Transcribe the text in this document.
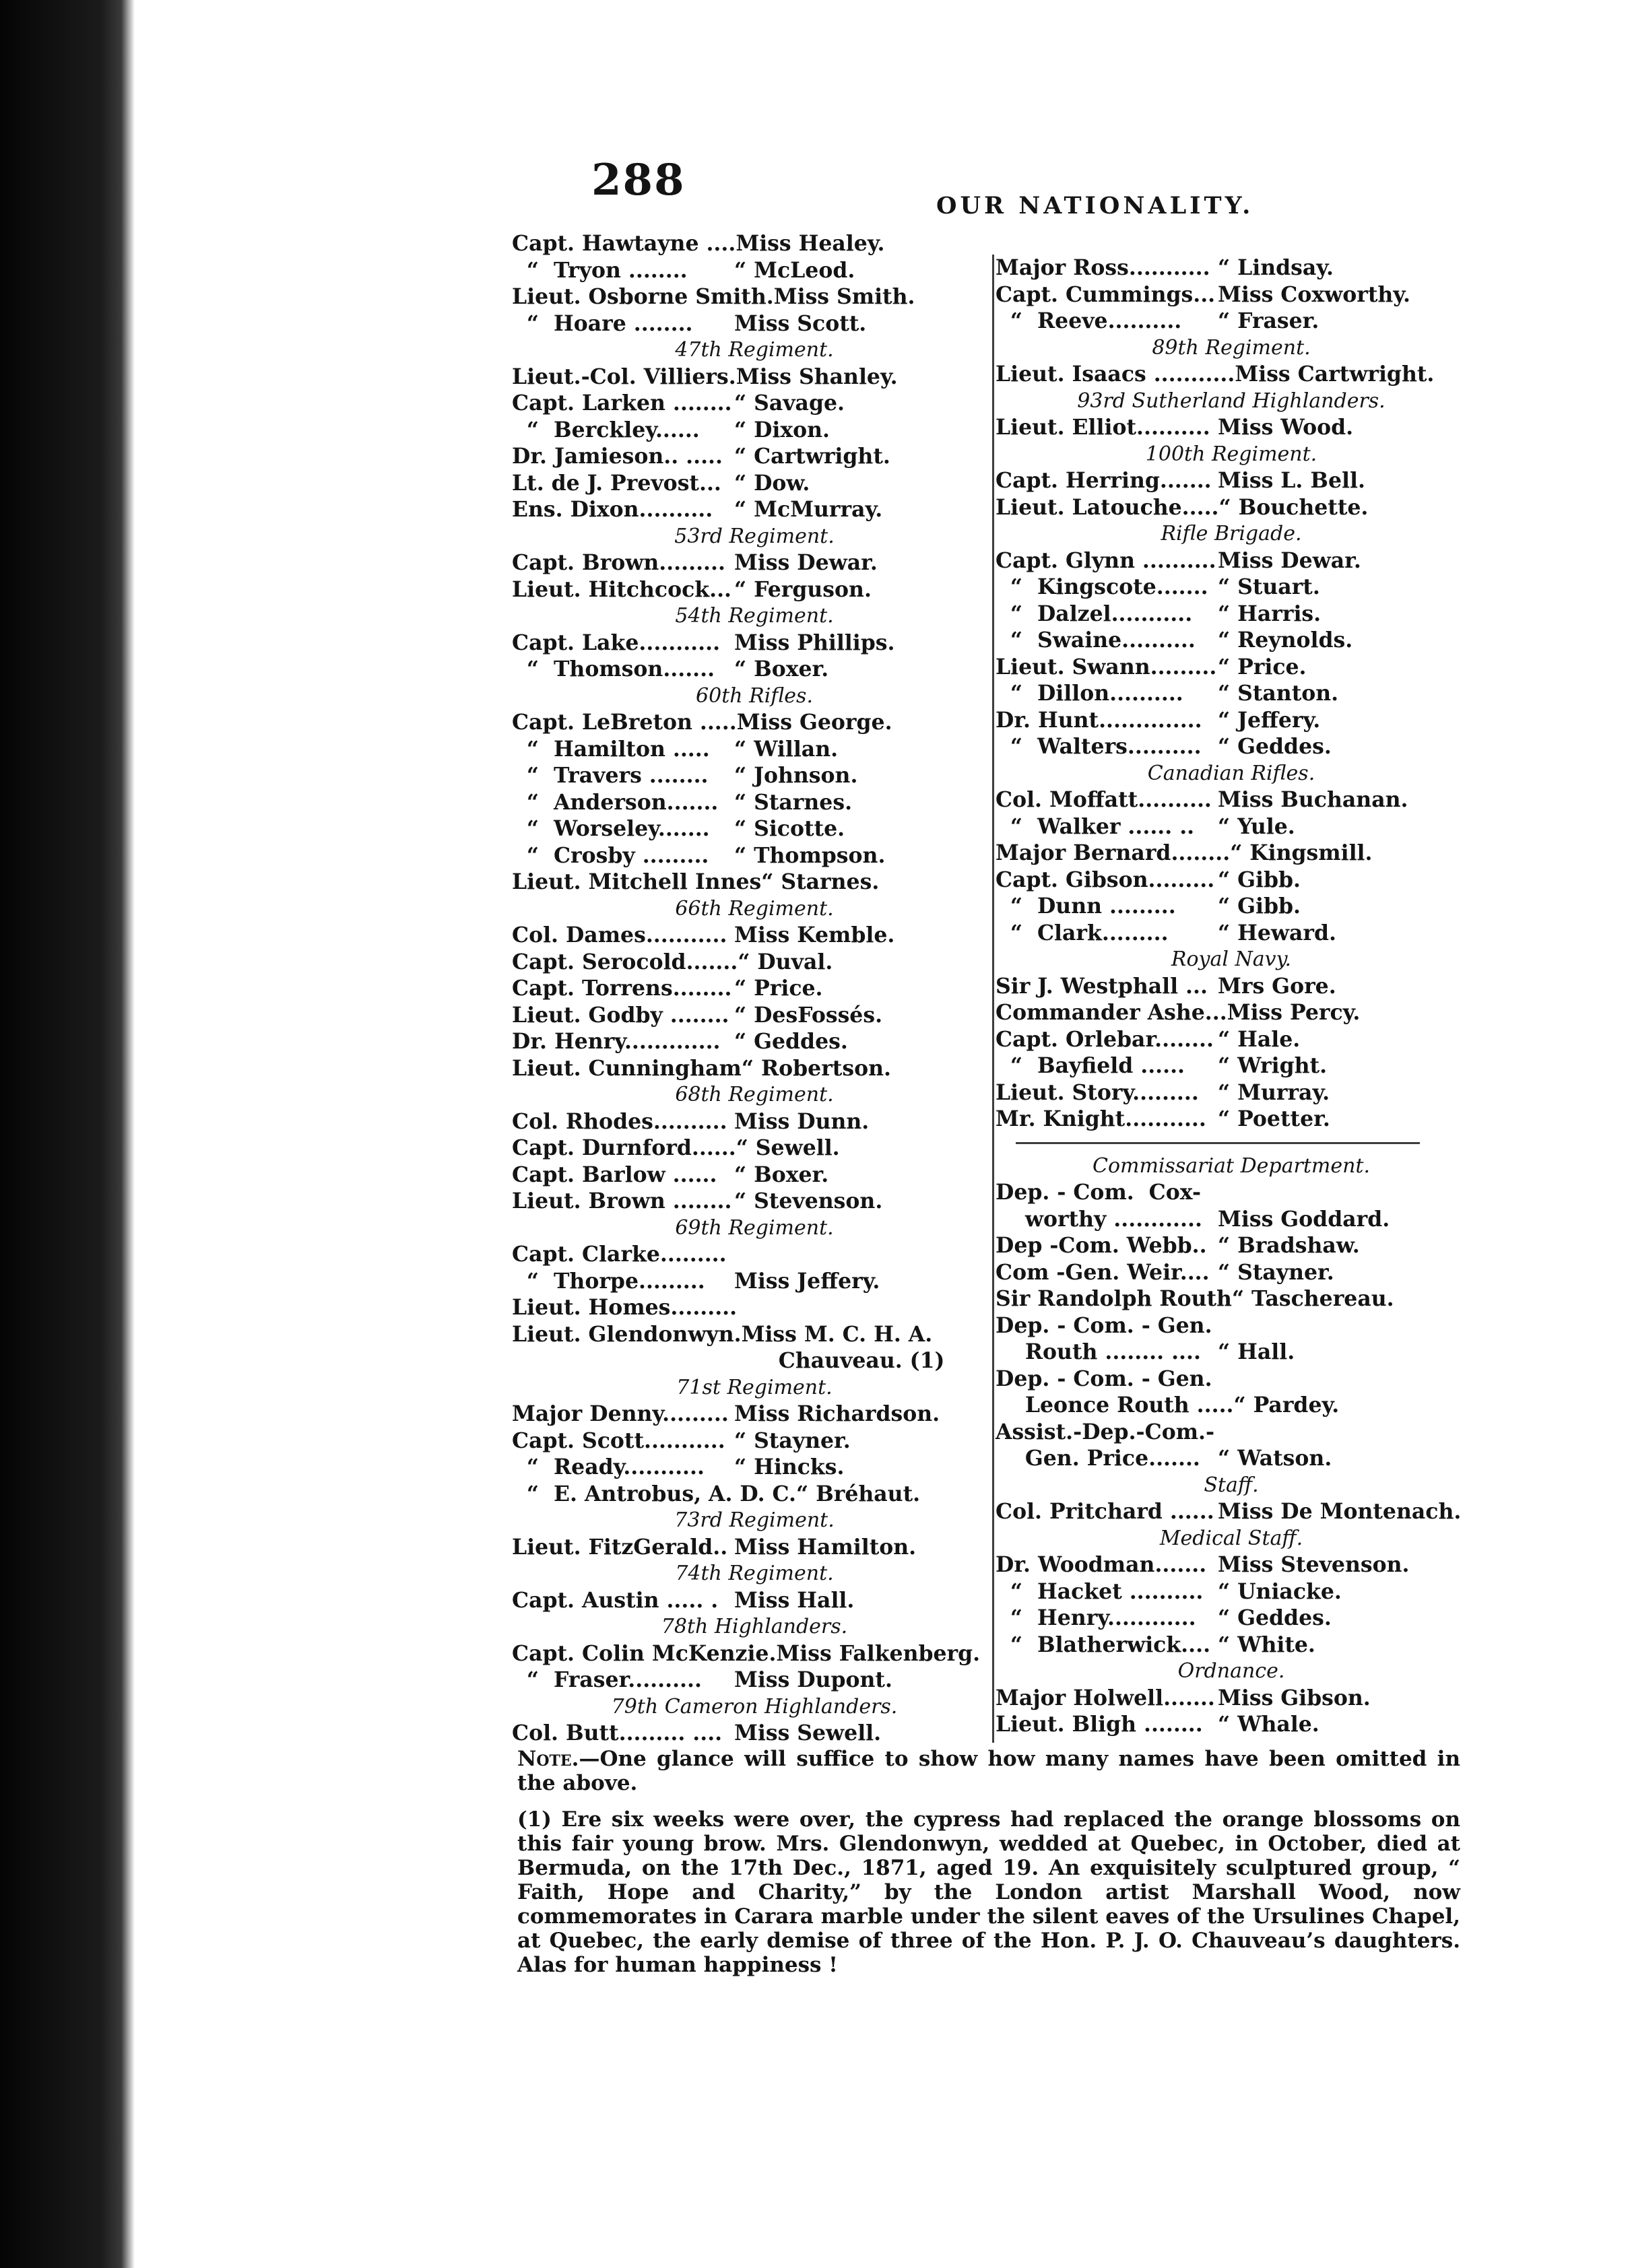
288
OUR NATIONALITY.
Capt. Hawtayne ....Miss Healey.
“  Tryon ........ “ McLeod.
Lieut. Osborne Smith.Miss Smith.
“  Hoare ........ Miss Scott.
47th Regiment.
Lieut.-Col. Villiers.Miss Shanley.
Capt. Larken ........ “ Savage.
“  Berckley...... “ Dixon.
Dr. Jamieson.. ..... “ Cartwright.
Lt. de J. Prevost... “ Dow.
Ens. Dixon.......... “ McMurray.
53rd Regiment.
Capt. Brown......... Miss Dewar.
Lieut. Hitchcock... “ Ferguson.
54th Regiment.
Capt. Lake........... Miss Phillips.
“  Thomson....... “ Boxer.
60th Rifles.
Capt. LeBreton .....Miss George.
“  Hamilton ..... “ Willan.
“  Travers ........ “ Johnson.
“  Anderson....... “ Starnes.
“  Worseley....... “ Sicotte.
“  Crosby ......... “ Thompson.
Lieut. Mitchell Innes“ Starnes.
66th Regiment.
Col. Dames........... Miss Kemble.
Capt. Serocold.......“ Duval.
Capt. Torrens........ “ Price.
Lieut. Godby ........ “ DesFossés.
Dr. Henry............. “ Geddes.
Lieut. Cunningham“ Robertson.
68th Regiment.
Col. Rhodes.......... Miss Dunn.
Capt. Durnford......“ Sewell.
Capt. Barlow ...... “ Boxer.
Lieut. Brown ........ “ Stevenson.
69th Regiment.
Capt. Clarke.........
“  Thorpe......... Miss Jeffery.
Lieut. Homes.........
Lieut. Glendonwyn.Miss M. C. H. A.
Chauveau. (1)
71st Regiment.
Major Denny......... Miss Richardson.
Capt. Scott........... “ Stayner.
“  Ready........... “ Hincks.
“  E. Antrobus, A. D. C.“ Bréhaut.
73rd Regiment.
Lieut. FitzGerald.. Miss Hamilton.
74th Regiment.
Capt. Austin ..... . Miss Hall.
78th Highlanders.
Capt. Colin McKenzie.Miss Falkenberg.
“  Fraser.......... Miss Dupont.
79th Cameron Highlanders.
Col. Butt......... .... Miss Sewell.
Major Ross........... “ Lindsay.
Capt. Cummings... Miss Coxworthy.
“  Reeve.......... “ Fraser.
89th Regiment.
Lieut. Isaacs ...........Miss Cartwright.
93rd Sutherland Highlanders.
Lieut. Elliot.......... Miss Wood.
100th Regiment.
Capt. Herring....... Miss L. Bell.
Lieut. Latouche.....“ Bouchette.
Rifle Brigade.
Capt. Glynn ..........Miss Dewar.
“  Kingscote....... “ Stuart.
“  Dalzel........... “ Harris.
“  Swaine.......... “ Reynolds.
Lieut. Swann.........“ Price.
“  Dillon.......... “ Stanton.
Dr. Hunt.............. “ Jeffery.
“  Walters.......... “ Geddes.
Canadian Rifles.
Col. Moffatt.......... Miss Buchanan.
“  Walker ...... .. “ Yule.
Major Bernard........“ Kingsmill.
Capt. Gibson......... “ Gibb.
“  Dunn ......... “ Gibb.
“  Clark......... “ Heward.
Royal Navy.
Sir J. Westphall ... Mrs Gore.
Commander Ashe...Miss Percy.
Capt. Orlebar........ “ Hale.
“  Bayfield ...... “ Wright.
Lieut. Story......... “ Murray.
Mr. Knight........... “ Poetter.
Commissariat Department.
Dep. - Com.  Cox-
worthy ............ Miss Goddard.
Dep -Com. Webb.. “ Bradshaw.
Com -Gen. Weir.... “ Stayner.
Sir Randolph Routh“ Taschereau.
Dep. - Com. - Gen.
Routh ........ .... “ Hall.
Dep. - Com. - Gen.
Leonce Routh .....“ Pardey.
Assist.-Dep.-Com.-
Gen. Price....... “ Watson.
Staff.
Col. Pritchard ...... Miss De Montenach.
Medical Staff.
Dr. Woodman....... Miss Stevenson.
“  Hacket .......... “ Uniacke.
“  Henry............ “ Geddes.
“  Blatherwick.... “ White.
Ordnance.
Major Holwell....... Miss Gibson.
Lieut. Bligh ........ “ Whale.
Note.—One glance will suffice to show how many names have been omitted in the above.
(1) Ere six weeks were over, the cypress had replaced the orange blossoms on this fair young brow. Mrs. Glendonwyn, wedded at Quebec, in October, died at Bermuda, on the 17th Dec., 1871, aged 19. An exquisitely sculptured group, “ Faith, Hope and Charity,” by the London artist Marshall Wood, now commemorates in Carara marble under the silent eaves of the Ursulines Chapel, at Quebec, the early demise of three of the Hon. P. J. O. Chauveau’s daughters. Alas for human happiness !
